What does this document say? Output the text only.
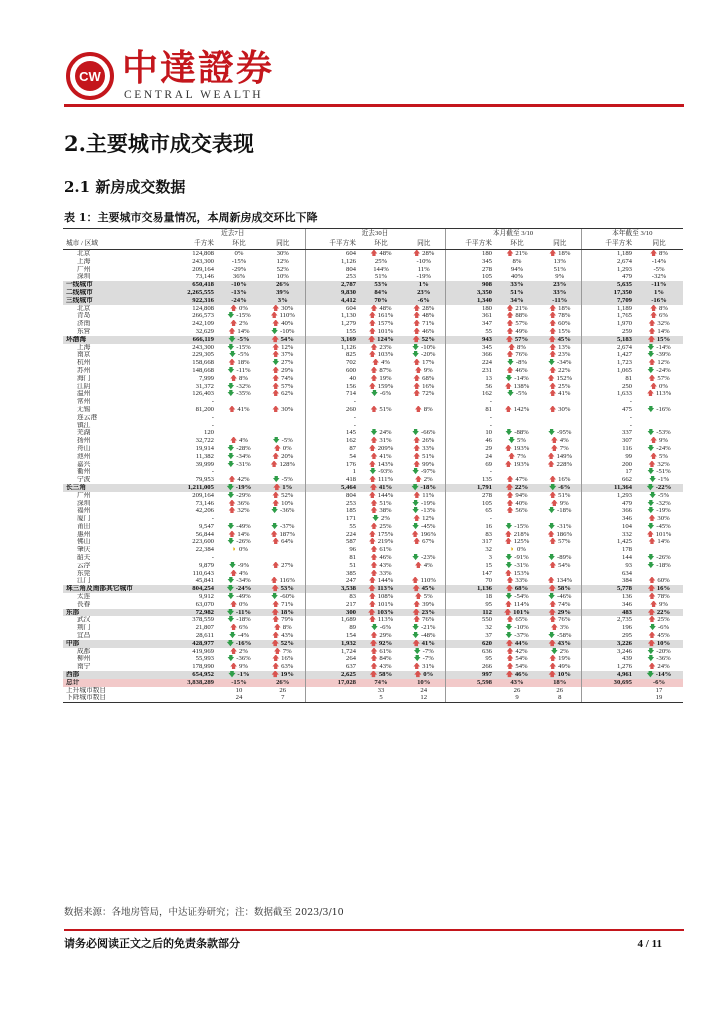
CW 中達證券
CENTRAL WEALTH
2.主要城市成交表现
2.1 新房成交数据
表 1：主要城市交易量情况，本周新房成交环比下降
	近去7日			近去30日			本月截至 3/10			本年截至 3/10	
城市 / 区域	千方米	环比	同比	千平方米	环比	同比	千平方米	环比	同比	千平方米	同比
北京	124,808	0%	30%	604	🡅 48%	🡅 28%	180	🡅 21%	🡅 18%	1,189	🡅 8%
上海	243,300	-15%	12%	1,126	25%	-10%	345	8%	13%	2,674	-14%
广州	209,164	-29%	52%	804	144%	11%	278	94%	51%	1,293	-5%
深圳	73,146	36%	10%	253	51%	-19%	105	40%	9%	479	-32%
一线城市	650,418	-10%	26%	2,787	53%	1%	908	33%	23%	5,635	-11%
二线城市	2,265,555	-13%	39%	9,830	84%	23%	3,350	51%	33%	17,350	1%
三线城市	922,316	-24%	3%	4,412	70%	-6%	1,340	34%	-11%	7,709	-16%
北京	124,808	🡅 0%	🡅 30%	604	🡅 48%	🡅 28%	180	🡅 21%	🡅 18%	1,189	🡅 8%
青岛	266,573	🡇 -15%	🡅 110%	1,130	🡅 161%	🡅 48%	361	🡅 88%	🡅 78%	1,765	🡅 6%
济南	242,109	🡅 2%	🡅 40%	1,279	🡅 157%	🡅 71%	347	🡅 57%	🡅 60%	1,970	🡅 32%
东营	32,629	🡅 14%	🡇 -10%	155	🡅 101%	🡅 46%	55	🡅 49%	🡅 15%	259	🡅 14%
环渤海	666,119	🡇 -5%	🡅 54%	3,169	🡅 124%	🡅 52%	943	🡅 57%	🡅 45%	5,183	🡅 15%
上海	243,300	🡇 -15%	🡅 12%	1,126	🡅 23%	🡇 -10%	345	🡅 8%	🡅 13%	2,674	🡇 -14%
南京	229,305	🡇 -5%	🡅 37%	825	🡅 103%	🡇 -20%	366	🡅 76%	🡅 23%	1,427	🡇 -39%
杭州	158,668	🡅 18%	🡇 27%	702	🡅 4%	🡅 17%	224	🡇 -8%	🡇 -34%	1,723	🡅 12%
苏州	148,668	🡇 -11%	🡅 29%	600	🡅 87%	🡅 9%	231	🡅 46%	🡅 22%	1,065	🡇 -24%
海门	7,999	🡅 8%	🡅 74%	40	🡅 19%	🡅 68%	13	🡇 -14%	🡅 152%	81	🡅 57%
江阴	31,372	🡇 -32%	🡅 57%	156	🡅 159%	🡅 16%	56	🡅 138%	🡅 25%	250	🡅 0%
温州	126,403	🡇 -35%	🡅 62%	714	🡇 -6%	🡅 72%	162	🡇 -5%	🡅 41%	1,633	🡅 113%
常州	-			-			-			-	
无锡	81,200	🡅 41%	🡅 30%	260	🡅 51%	🡅 8%	81	🡅 142%	🡅 30%	475	🡇 -16%
连云港	-			-			-			-	
镇江	-			-			-			-	
芜湖	120			145	🡇 24%	🡇 -66%	10	🡇 -88%	🡇 -95%	337	🡇 -53%
扬州	32,722	🡅 4%	🡇 -5%	162	🡅 31%	🡅 26%	46	🡇 5%	🡅 4%	307	🡅 9%
舟山	19,914	🡇 -28%	🡅 0%	87	🡅 209%	🡅 33%	29	🡅 193%	🡅 7%	116	🡇 -24%
池州	11,382	🡇 -34%	🡅 20%	54	🡅 41%	🡅 51%	24	🡅 7%	🡅 149%	99	🡅 5%
嘉兴	39,999	🡇 -31%	🡅 128%	176	🡅 143%	🡅 99%	69	🡅 193%	🡅 228%	200	🡅 32%
衢州	-			1	🡇 -93%	🡇 -97%	-			17	🡇 -51%
宁波	79,953	🡅 42%	🡇 -5%	418	🡅 111%	🡅 2%	135	🡅 47%	🡅 16%	662	🡇 -1%
长三角	1,211,005	🡇 -19%	🡅 1%	5,464	🡅 41%	🡇 -18%	1,791	🡅 22%	🡇 -6%	11,364	🡇 -22%
广州	209,164	🡇 -29%	🡅 52%	804	🡅 144%	🡅 11%	278	🡅 94%	🡅 51%	1,293	🡇 -5%
深圳	73,146	🡅 36%	🡅 10%	253	🡅 51%	🡇 -19%	105	🡅 40%	🡅 9%	479	🡇 -32%
福州	42,206	🡅 32%	🡇 -36%	185	🡅 38%	🡇 -13%	65	🡅 56%	🡇 -18%	366	🡇 -19%
厦门	-			171	🡇 2%	🡅 12%	-			346	🡅 30%
莆田	9,547	🡇 -49%	🡇 -37%	55	🡅 25%	🡇 -45%	16	🡇 -15%	🡇 -31%	104	🡇 -45%
惠州	56,844	🡅 14%	🡅 187%	224	🡅 175%	🡅 196%	83	🡅 218%	🡅 186%	332	🡅 101%
佛山	223,600	🡇 -26%	🡅 64%	587	🡅 219%	🡅 67%	317	🡅 125%	🡅 57%	1,425	🡅 14%
肇庆	22,384	◑ 0%		96	🡅 61%		32	◑ 0%		178	
韶关	-			81	🡅 46%	🡇 -23%	3	🡇 -91%	🡇 -89%	144	🡇 -26%
云浮	9,879	🡇 -9%	🡅 27%	51	🡅 43%	🡅 4%	15	🡇 -31%	🡅 54%	93	🡇 -18%
东莞	110,643	🡅 4%		385	🡅 33%		147	🡅 153%		634	
江门	45,841	🡇 -34%	🡅 116%	247	🡅 144%	🡅 110%	70	🡅 33%	🡅 134%	384	🡅 60%
珠三角及南部其它城市	804,254	🡇 -24%	🡅 53%	3,538	🡅 113%	🡅 45%	1,136	🡅 68%	🡅 58%	5,778	🡅 16%
太连	9,912	🡇 -49%	🡇 -60%	83	🡅 108%	🡅 5%	18	🡇 -54%	🡇 -46%	136	🡅 78%
長春	63,070	🡅 0%	🡅 71%	217	🡅 101%	🡅 39%	95	🡅 114%	🡅 74%	346	🡅 9%
东部	72,982	🡇 -11%	🡅 18%	300	🡅 103%	🡅 23%	112	🡅 101%	🡅 29%	483	🡅 22%
武汉	378,559	🡇 -18%	🡅 79%	1,689	🡅 113%	🡅 76%	550	🡅 65%	🡅 76%	2,735	🡅 25%
荆门	21,807	🡅 6%	🡅 8%	89	🡇 -6%	🡇 -21%	32	🡇 -10%	🡅 3%	196	🡇 -6%
宜昌	28,611	🡇 -4%	🡅 43%	154	🡅 29%	🡇 -48%	37	🡇 -37%	🡇 -58%	295	🡅 45%
中部	428,977	🡇 -16%	🡅 52%	1,932	🡅 92%	🡅 41%	620	🡅 44%	🡅 43%	3,226	🡅 10%
成都	419,969	🡅 2%	🡅 7%	1,724	🡅 61%	🡇 -7%	636	🡅 42%	🡇 2%	3,246	🡇 -20%
柳州	55,993	🡇 -36%	🡅 16%	264	🡅 84%	🡇 -7%	95	🡅 54%	🡅 19%	439	🡇 -36%
南宁	178,990	🡅 9%	🡅 63%	637	🡅 43%	🡅 31%	266	🡅 54%	🡅 49%	1,276	🡅 24%
西部	654,952	🡇 -1%	🡅 19%	2,625	🡅 58%	🡅 0%	997	🡅 46%	🡅 10%	4,961	🡇 -14%
总计	3,838,289	-15%	26%	17,028	74%	10%	5,598	43%	18%	30,695	-6%
上升城市数目		10	26		33	24		26	26		17
下降城市数目		24	7		5	12		9	8		19
数据来源：各地房管局，中达证券研究；注：数据截至 2023/3/10
请务必阅读正文之后的免责条款部分	4 / 11
